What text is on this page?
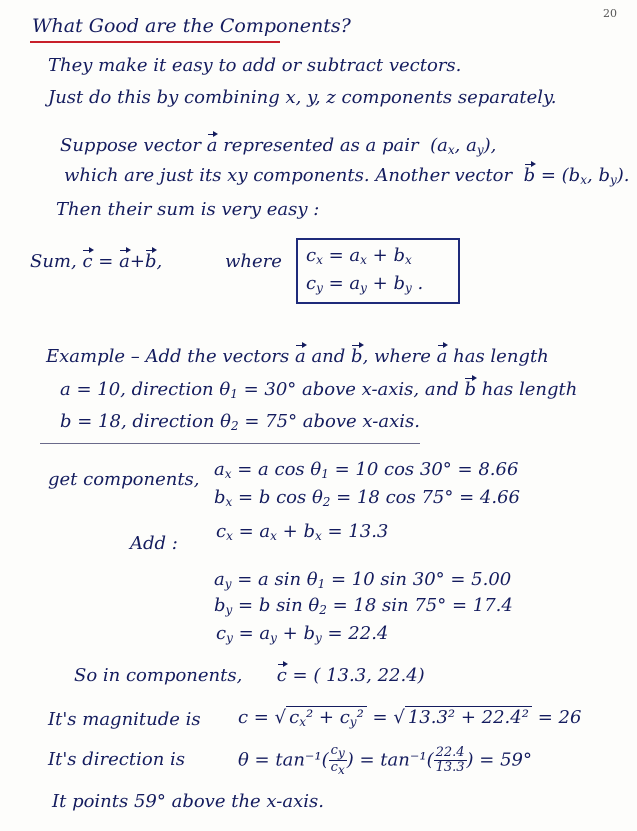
20
What Good are the Components?
They make it easy to add or subtract vectors.
Just do this by combining x, y, z components separately.
Suppose vector a represented as a pair ($a_x$, $a_y$),
which are just its xy components. Another vector $b = (b_x$, $b_y$).
Then their sum is very easy :
Sum, c = a+b,	where $c_x = a_x + b_x$
$c_y = a_y + b_y$ .
Example – Add the vectors a and b, where a has length
a = 10, direction $\theta_1 = 30^\circ$ above x-axis, and b has length
b = 18, direction $\theta_2 = 75^\circ$ above x-axis.
get components, $a_x = a$ $\cos \theta_1 = 10$ cos 30° = 8.66
$b_x = b$ $\cos \theta_2 = 18$ cos 75° = 4.66
Add :
$c_x = a_x + b_x = 13.3$
$a_y = a$ $\sin \theta_1 = 10$ sin 30° = 5.00
$b_y = b$ $\sin \theta_2 = 18$ sin 75° = 17.4
$c_y = a_y + b_y = 22.4$
So in components, c = ( 13.3, 22.4)
It's magnitude is c = √ $c_x^2 + c_y^2$ = √ 13.3² + 22.4² = 26
It's direction is	$\theta = \tan^{-1}( \frac{c_y}{c_x}$ ) = $\tan^{-1}( \frac{22.4}{13.3}$ ) = 59°
It points 59° above the x-axis.
